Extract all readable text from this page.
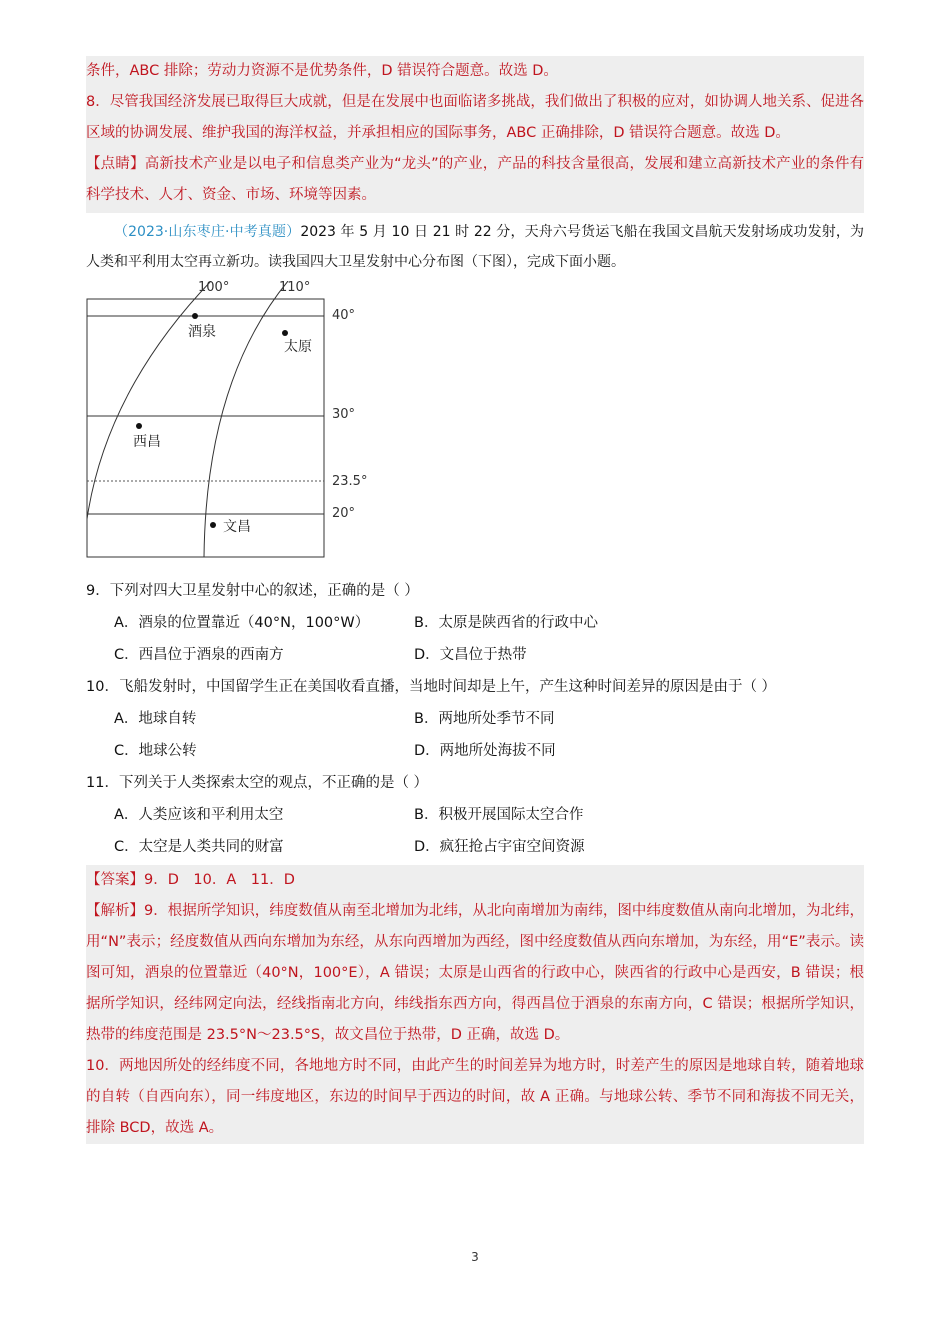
条件，ABC 排除；劳动力资源不是优势条件，D 错误符合题意。故选 D。
8．尽管我国经济发展已取得巨大成就，但是在发展中也面临诸多挑战，我们做出了积极的应对，如协调人地关系、促进各区域的协调发展、维护我国的海洋权益，并承担相应的国际事务，ABC 正确排除，D 错误符合题意。故选 D。
【点睛】高新技术产业是以电子和信息类产业为“龙头”的产业，产品的科技含量很高，发展和建立高新技术产业的条件有科学技术、人才、资金、市场、环境等因素。
（2023·山东枣庄·中考真题）2023 年 5 月 10 日 21 时 22 分，天舟六号货运飞船在我国文昌航天发射场成功发射，为人类和平利用太空再立新功。读我国四大卫星发射中心分布图（下图），完成下面小题。
100°	110°
40°
30°
23.5°
20°
酒泉
太原
西昌
文昌
9．下列对四大卫星发射中心的叙述，正确的是（ ）
A．酒泉的位置靠近（40°N，100°W）	B．太原是陕西省的行政中心
C．西昌位于酒泉的西南方	D．文昌位于热带
10．飞船发射时，中国留学生正在美国收看直播，当地时间却是上午，产生这种时间差异的原因是由于（ ）
A．地球自转	B．两地所处季节不同
C．地球公转	D．两地所处海拔不同
11．下列关于人类探索太空的观点，不正确的是（ ）
A．人类应该和平利用太空	B．积极开展国际太空合作
C．太空是人类共同的财富	D．疯狂抢占宇宙空间资源
【答案】9．D　10．A　11．D
【解析】9．根据所学知识，纬度数值从南至北增加为北纬，从北向南增加为南纬，图中纬度数值从南向北增加，为北纬，用“N”表示；经度数值从西向东增加为东经，从东向西增加为西经，图中经度数值从西向东增加，为东经，用“E”表示。读图可知，酒泉的位置靠近（40°N，100°E），A 错误；太原是山西省的行政中心，陕西省的行政中心是西安，B 错误；根据所学知识，经纬网定向法，经线指南北方向，纬线指东西方向，得西昌位于酒泉的东南方向，C 错误；根据所学知识，热带的纬度范围是 23.5°N～23.5°S，故文昌位于热带，D 正确，故选 D。
10．两地因所处的经纬度不同，各地地方时不同，由此产生的时间差异为地方时，时差产生的原因是地球自转，随着地球的自转（自西向东），同一纬度地区，东边的时间早于西边的时间，故 A 正确。与地球公转、季节不同和海拔不同无关，排除 BCD，故选 A。
3
